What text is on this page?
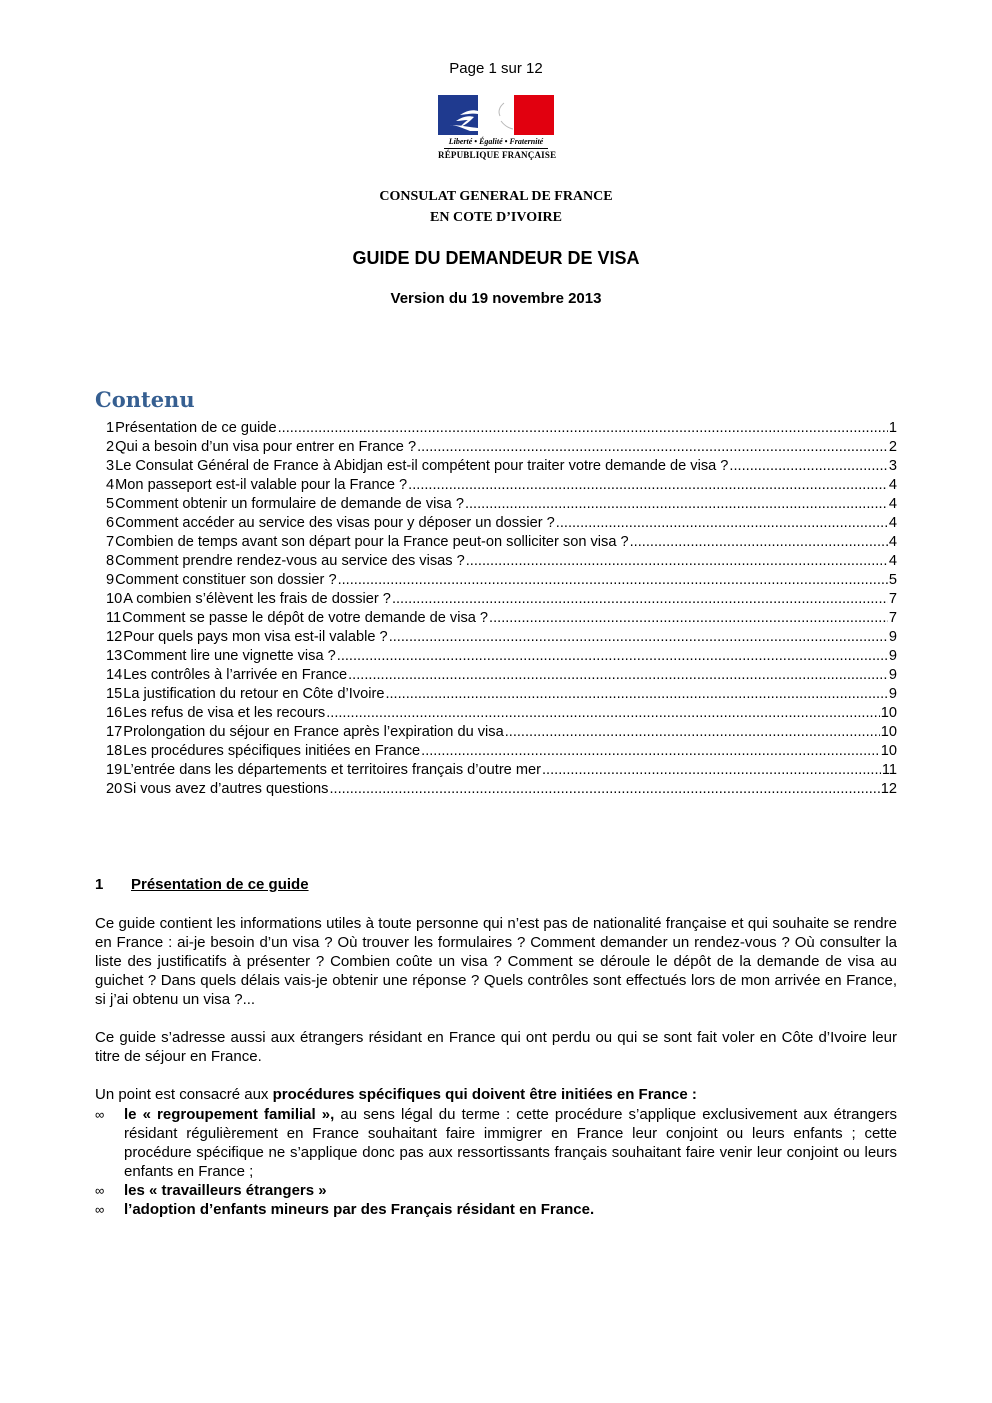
Page 1 sur 12
Liberté • Égalité • Fraternité
RÉPUBLIQUE FRANÇAISE
CONSULAT GENERAL DE FRANCE
EN COTE D’IVOIRE
GUIDE DU DEMANDEUR DE VISA
Version du 19 novembre 2013
Contenu
1 Présentation de ce guide .....	1
2 Qui a besoin d’un visa pour entrer en France ? .....	2
3 Le Consulat Général de France à Abidjan est-il compétent pour traiter votre demande de visa ? .....	3
4 Mon passeport est-il valable pour la France ? .....	4
5 Comment obtenir un formulaire de demande de visa ? .....	4
6 Comment accéder au service des visas pour y déposer un dossier ? .....	4
7 Combien de temps avant son départ pour la France peut-on solliciter son visa ? .....	4
8 Comment prendre rendez-vous au service des visas ? .....	4
9 Comment constituer son dossier ? .....	5
10 A combien s’élèvent les frais de dossier ? .....	7
11 Comment se passe le dépôt de votre demande de visa ? .....	7
12 Pour quels pays mon visa est-il valable ? .....	9
13 Comment lire une vignette visa ? .....	9
14 Les contrôles à l’arrivée en France .....	9
15 La justification du retour en Côte d’Ivoire .....	9
16 Les refus de visa et les recours .....	10
17 Prolongation du séjour en France après l’expiration du visa .....	10
18 Les procédures spécifiques initiées en France .....	10
19 L’entrée dans les départements et territoires français d’outre mer .....	11
20 Si vous avez d’autres questions .....	12
1 Présentation de ce guide

Ce guide contient les informations utiles à toute personne qui n’est pas de nationalité française et qui souhaite se rendre en France : ai-je besoin d’un visa ? Où trouver les formulaires ? Comment demander un rendez-vous ? Où consulter la liste des justificatifs à présenter ? Combien coûte un visa ? Comment se déroule le dépôt de la demande de visa au guichet ? Dans quels délais vais-je obtenir une réponse ? Quels contrôles sont effectués lors de mon arrivée en France, si j’ai obtenu un visa ?...

Ce guide s’adresse aussi aux étrangers résidant en France qui ont perdu ou qui se sont fait voler en Côte d’Ivoire leur titre de séjour en France.

Un point est consacré aux procédures spécifiques qui doivent être initiées en France :

∞ le « regroupement familial », au sens légal du terme : cette procédure s’applique exclusivement aux étrangers résidant régulièrement en France souhaitant faire immigrer en France leur conjoint ou leurs enfants ; cette procédure spécifique ne s’applique donc pas aux ressortissants français souhaitant faire venir leur conjoint ou leurs enfants en France ;
∞ les « travailleurs étrangers »
∞ l’adoption d’enfants mineurs par des Français résidant en France.
